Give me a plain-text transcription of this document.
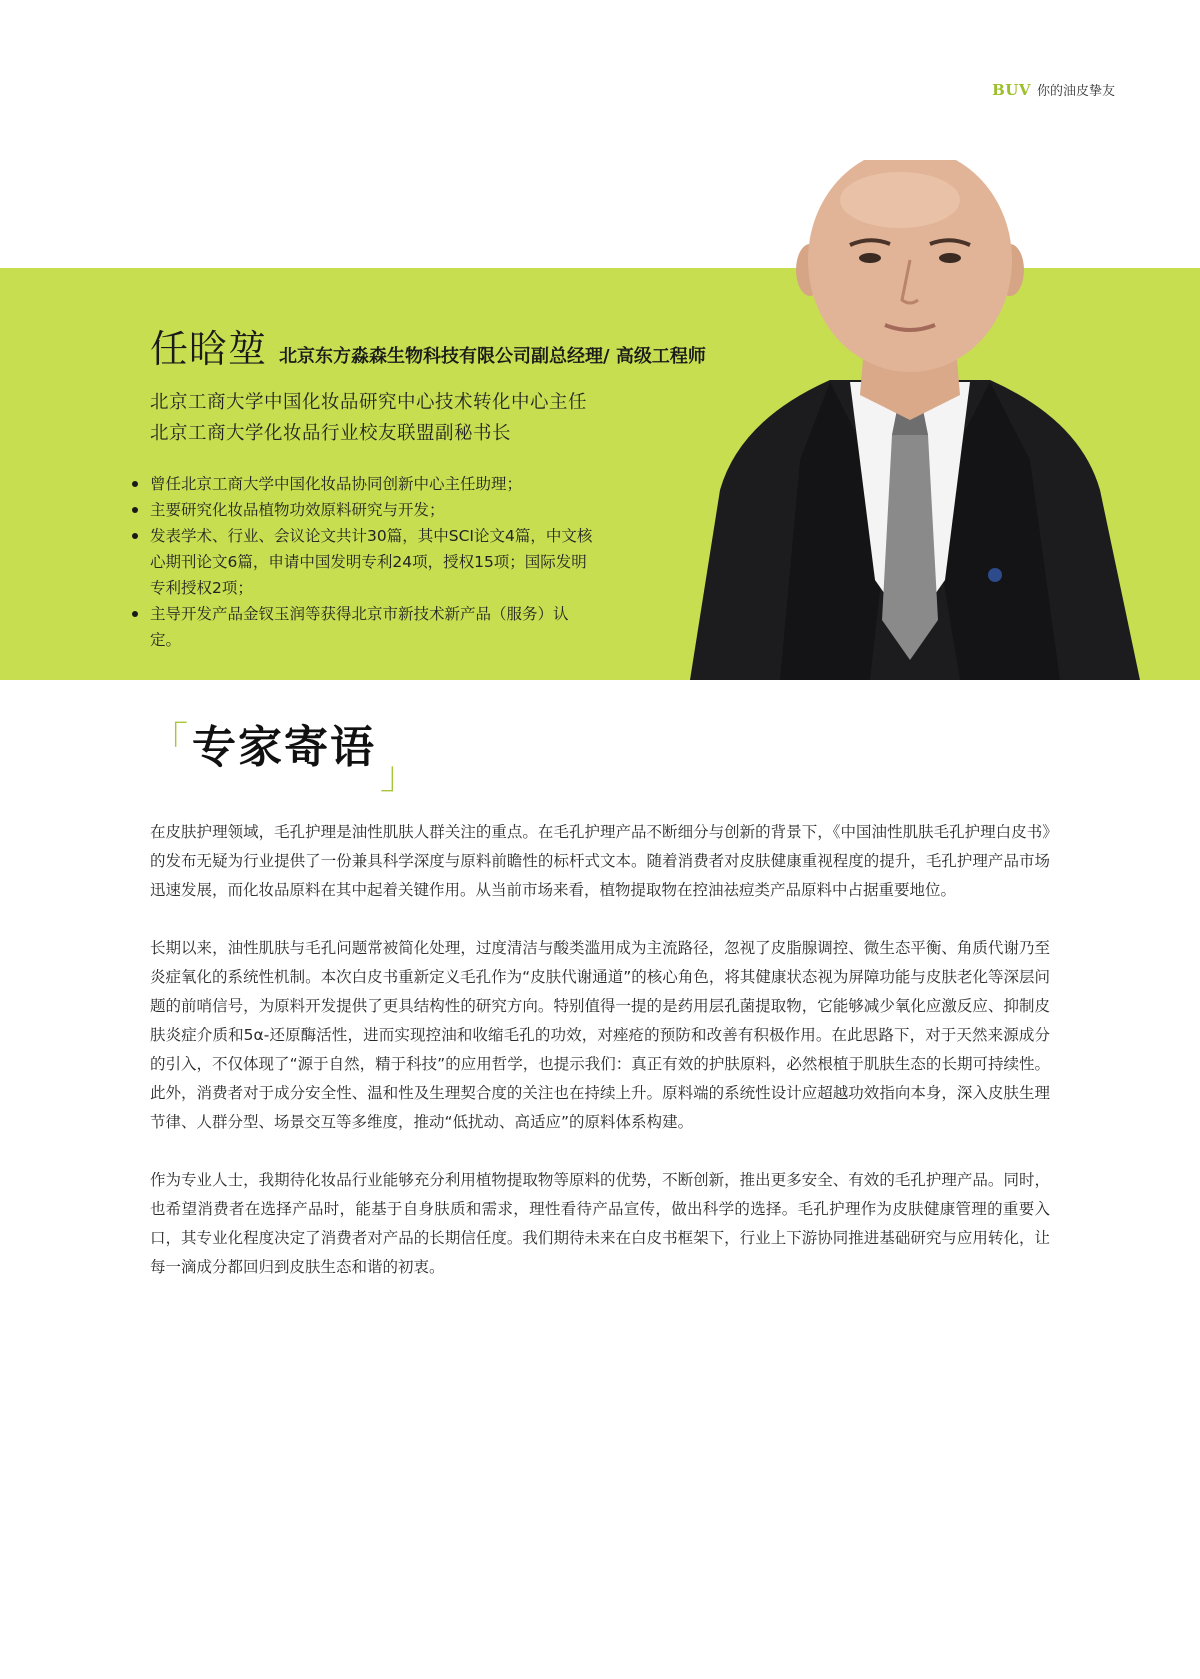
BUV 你的油皮挚友
任晗堃 北京东方淼森生物科技有限公司副总经理/ 高级工程师
北京工商大学中国化妆品研究中心技术转化中心主任
北京工商大学化妆品行业校友联盟副秘书长
曾任北京工商大学中国化妆品协同创新中心主任助理；
主要研究化妆品植物功效原料研究与开发；
发表学术、行业、会议论文共计30篇，其中SCI论文4篇，中文核心期刊论文6篇，申请中国发明专利24项，授权15项；国际发明专利授权2项；
主导开发产品金钗玉润等获得北京市新技术新产品（服务）认定。
「 专家寄语
」

在皮肤护理领域，毛孔护理是油性肌肤人群关注的重点。在毛孔护理产品不断细分与创新的背景下，《中国油性肌肤毛孔护理白皮书》的发布无疑为行业提供了一份兼具科学深度与原料前瞻性的标杆式文本。随着消费者对皮肤健康重视程度的提升，毛孔护理产品市场迅速发展，而化妆品原料在其中起着关键作用。从当前市场来看，植物提取物在控油祛痘类产品原料中占据重要地位。

长期以来，油性肌肤与毛孔问题常被简化处理，过度清洁与酸类滥用成为主流路径，忽视了皮脂腺调控、微生态平衡、角质代谢乃至炎症氧化的系统性机制。本次白皮书重新定义毛孔作为“皮肤代谢通道”的核心角色，将其健康状态视为屏障功能与皮肤老化等深层问题的前哨信号，为原料开发提供了更具结构性的研究方向。特别值得一提的是药用层孔菌提取物，它能够减少氧化应激反应、抑制皮肤炎症介质和5α-还原酶活性，进而实现控油和收缩毛孔的功效，对痤疮的预防和改善有积极作用。在此思路下，对于天然来源成分的引入，不仅体现了“源于自然，精于科技”的应用哲学，也提示我们：真正有效的护肤原料，必然根植于肌肤生态的长期可持续性。此外，消费者对于成分安全性、温和性及生理契合度的关注也在持续上升。原料端的系统性设计应超越功效指向本身，深入皮肤生理节律、人群分型、场景交互等多维度，推动“低扰动、高适应”的原料体系构建。

作为专业人士，我期待化妆品行业能够充分利用植物提取物等原料的优势，不断创新，推出更多安全、有效的毛孔护理产品。同时，也希望消费者在选择产品时，能基于自身肤质和需求，理性看待产品宣传，做出科学的选择。毛孔护理作为皮肤健康管理的重要入口，其专业化程度决定了消费者对产品的长期信任度。我们期待未来在白皮书框架下，行业上下游协同推进基础研究与应用转化，让每一滴成分都回归到皮肤生态和谐的初衷。
